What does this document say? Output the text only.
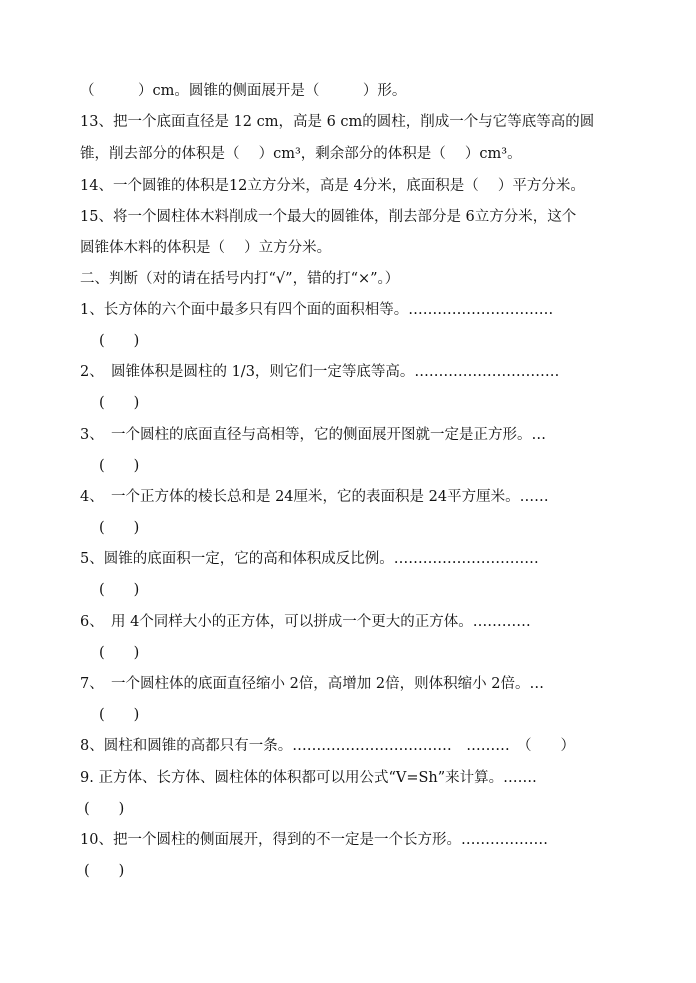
（　　　）cm。圆锥的侧面展开是（　　　）形。
13、把一个底面直径是 12 cm，高是 6 cm的圆柱，削成一个与它等底等高的圆
锥，削去部分的体积是（　 ）cm³，剩余部分的体积是（　 ）cm³。
14、一个圆锥的体积是12立方分米，高是 4分米，底面积是（　 ）平方分米。
15、将一个圆柱体木料削成一个最大的圆锥体，削去部分是 6立方分米，这个
圆锥体木料的体积是（　 ）立方分米。
二、判断（对的请在括号内打“√”，错的打“×”。）
1、长方体的六个面中最多只有四个面的面积相等。…………………………
(　　)
2、　圆锥体积是圆柱的 1/3，则它们一定等底等高。…………………………
(　　)
3、　一个圆柱的底面直径与高相等，它的侧面展开图就一定是正方形。…
(　　)
4、　一个正方体的棱长总和是 24厘米，它的表面积是 24平方厘米。……
(　　)
5、圆锥的底面积一定，它的高和体积成反比例。…………………………
(　　)
6、　用 4个同样大小的正方体，可以拼成一个更大的正方体。…………
(　　)
7、　一个圆柱体的底面直径缩小 2倍，高增加 2倍，则体积缩小 2倍。…
(　　)
8、圆柱和圆锥的高都只有一条。……………………………　………　（　　）
9. 正方体、长方体、圆柱体的体积都可以用公式“V=Sh”来计算。…….
(　　)
10、把一个圆柱的侧面展开，得到的不一定是一个长方形。………………
(　　)
